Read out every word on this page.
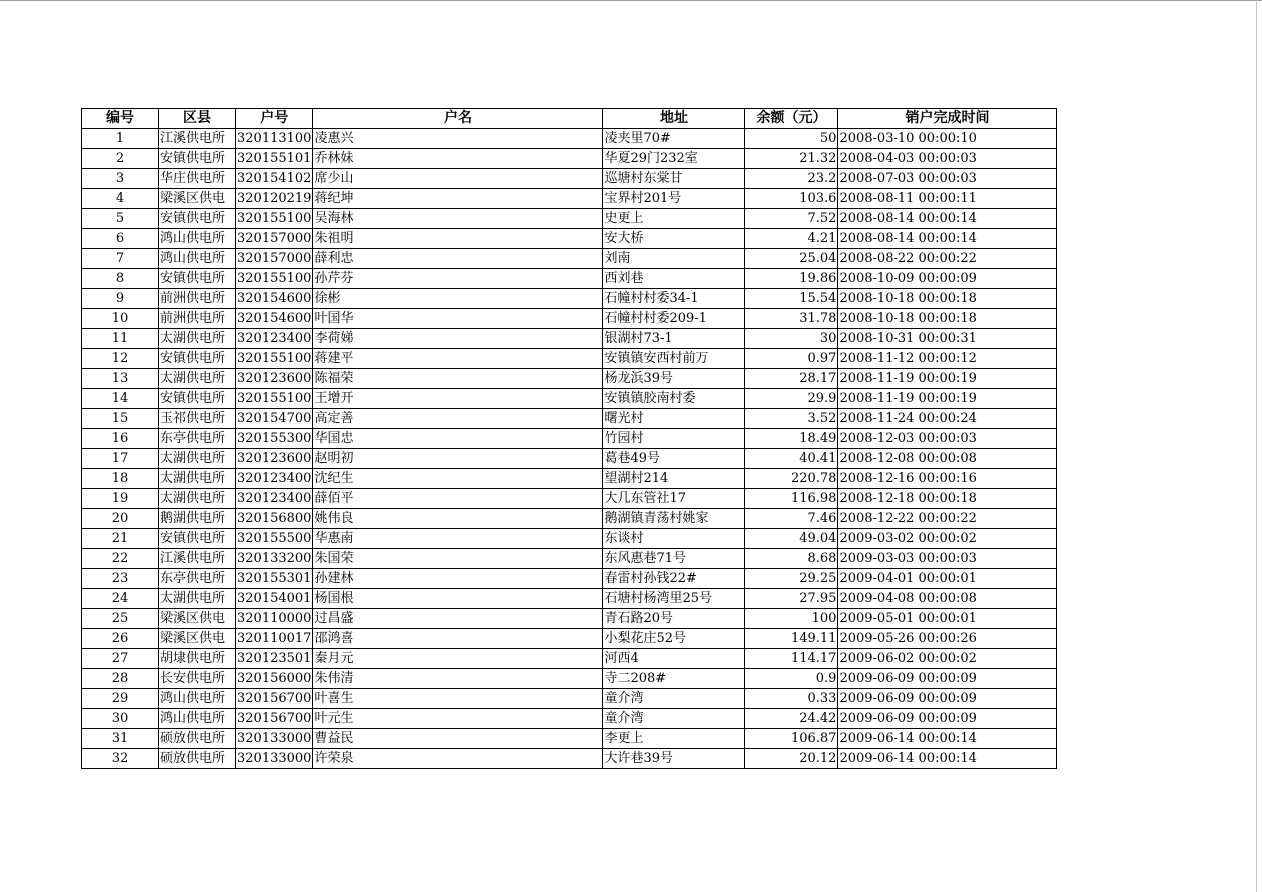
编号	区县	户号	户名	地址	余额（元）	销户完成时间
1	江溪供电所	320113100	凌惠兴	凌夹里70#	50	2008-03-10 00:00:10
2	安镇供电所	320155101	乔林妹	华夏29门232室	21.32	2008-04-03 00:00:03
3	华庄供电所	320154102	席少山	巡塘村东棠甘	23.2	2008-07-03 00:00:03
4	梁溪区供电	320120219	蒋纪坤	宝界村201号	103.6	2008-08-11 00:00:11
5	安镇供电所	320155100	吴海林	史更上	7.52	2008-08-14 00:00:14
6	鸿山供电所	320157000	朱祖明	安大桥	4.21	2008-08-14 00:00:14
7	鸿山供电所	320157000	薛利忠	刘南	25.04	2008-08-22 00:00:22
8	安镇供电所	320155100	孙芹芬	西刘巷	19.86	2008-10-09 00:00:09
9	前洲供电所	320154600	徐彬	石幢村村委34-1	15.54	2008-10-18 00:00:18
10	前洲供电所	320154600	叶国华	石幢村村委209-1	31.78	2008-10-18 00:00:18
11	太湖供电所	320123400	李荷娣	银湖村73-1	30	2008-10-31 00:00:31
12	安镇供电所	320155100	蒋建平	安镇镇安西村前万	0.97	2008-11-12 00:00:12
13	太湖供电所	320123600	陈福荣	杨龙浜39号	28.17	2008-11-19 00:00:19
14	安镇供电所	320155100	王增开	安镇镇胶南村委	29.9	2008-11-19 00:00:19
15	玉祁供电所	320154700	高定善	曙光村	3.52	2008-11-24 00:00:24
16	东亭供电所	320155300	华国忠	竹园村	18.49	2008-12-03 00:00:03
17	太湖供电所	320123600	赵明初	葛巷49号	40.41	2008-12-08 00:00:08
18	太湖供电所	320123400	沈纪生	望湖村214	220.78	2008-12-16 00:00:16
19	太湖供电所	320123400	薛佰平	大几东管社17	116.98	2008-12-18 00:00:18
20	鹅湖供电所	320156800	姚伟良	鹅湖镇青荡村姚家	7.46	2008-12-22 00:00:22
21	安镇供电所	320155500	华惠南	东谈村	49.04	2009-03-02 00:00:02
22	江溪供电所	320133200	朱国荣	东风惠巷71号	8.68	2009-03-03 00:00:03
23	东亭供电所	320155301	孙建林	春雷村孙钱22#	29.25	2009-04-01 00:00:01
24	太湖供电所	320154001	杨国根	石塘村杨湾里25号	27.95	2009-04-08 00:00:08
25	梁溪区供电	320110000	过昌盛	青石路20号	100	2009-05-01 00:00:01
26	梁溪区供电	320110017	邵鸿喜	小梨花庄52号	149.11	2009-05-26 00:00:26
27	胡埭供电所	320123501	秦月元	河西4	114.17	2009-06-02 00:00:02
28	长安供电所	320156000	朱伟清	寺二208#	0.9	2009-06-09 00:00:09
29	鸿山供电所	320156700	叶喜生	童介湾	0.33	2009-06-09 00:00:09
30	鸿山供电所	320156700	叶元生	童介湾	24.42	2009-06-09 00:00:09
31	硕放供电所	320133000	曹益民	李更上	106.87	2009-06-14 00:00:14
32	硕放供电所	320133000	许荣泉	大许巷39号	20.12	2009-06-14 00:00:14
